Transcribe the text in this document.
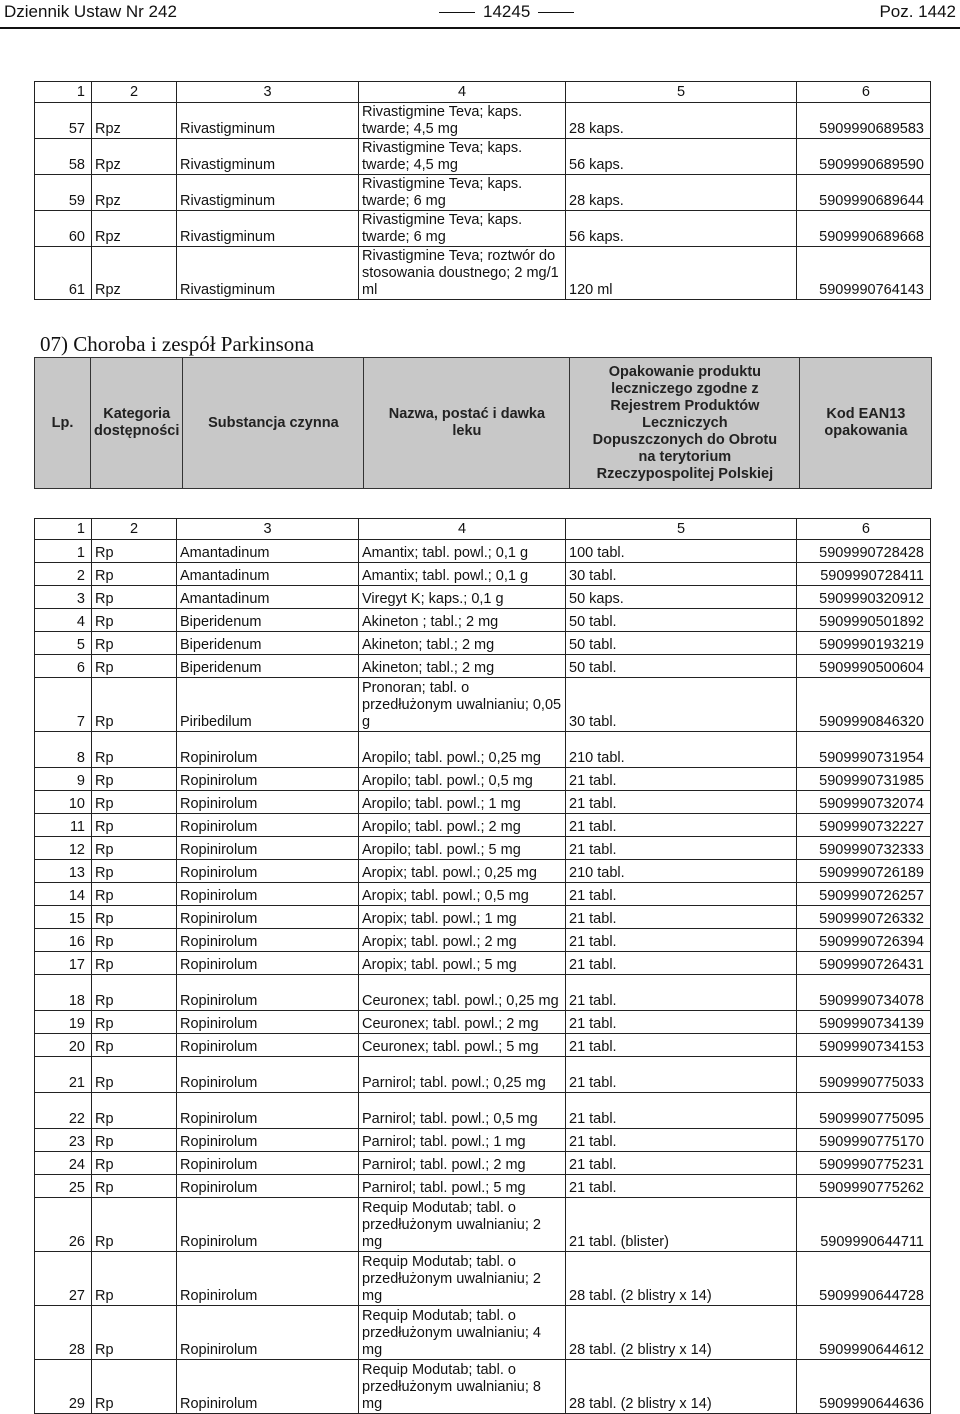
Dziennik Ustaw Nr 242	14245	Poz. 1442
1	2	3	4	5	6
57	Rpz	Rivastigminum	Rivastigmine Teva; kaps. twarde; 4,5 mg	28 kaps.	5909990689583
58	Rpz	Rivastigminum	Rivastigmine Teva; kaps. twarde; 4,5 mg	56 kaps.	5909990689590
59	Rpz	Rivastigminum	Rivastigmine Teva; kaps. twarde; 6 mg	28 kaps.	5909990689644
60	Rpz	Rivastigminum	Rivastigmine Teva; kaps. twarde; 6 mg	56 kaps.	5909990689668
61	Rpz	Rivastigminum	Rivastigmine Teva; roztwór do stosowania doustnego; 2 mg/1 ml	120 ml	5909990764143
07) Choroba i zespół Parkinsona
Lp.	Kategoria dostępności	Substancja czynna	Nazwa, postać i dawka leku	Opakowanie produktu leczniczego zgodne z Rejestrem Produktów Leczniczych Dopuszczonych do Obrotu na terytorium Rzeczypospolitej Polskiej	Kod EAN13 opakowania
1	2	3	4	5	6
1	Rp	Amantadinum	Amantix; tabl. powl.; 0,1 g	100 tabl.	5909990728428
2	Rp	Amantadinum	Amantix; tabl. powl.; 0,1 g	30 tabl.	5909990728411
3	Rp	Amantadinum	Viregyt K; kaps.; 0,1 g	50 kaps.	5909990320912
4	Rp	Biperidenum	Akineton ; tabl.; 2 mg	50 tabl.	5909990501892
5	Rp	Biperidenum	Akineton; tabl.; 2 mg	50 tabl.	5909990193219
6	Rp	Biperidenum	Akineton; tabl.; 2 mg	50 tabl.	5909990500604
7	Rp	Piribedilum	Pronoran; tabl. o przedłużonym uwalnianiu; 0,05 g	30 tabl.	5909990846320
8	Rp	Ropinirolum	Aropilo; tabl. powl.; 0,25 mg	210 tabl.	5909990731954
9	Rp	Ropinirolum	Aropilo; tabl. powl.; 0,5 mg	21 tabl.	5909990731985
10	Rp	Ropinirolum	Aropilo; tabl. powl.; 1 mg	21 tabl.	5909990732074
11	Rp	Ropinirolum	Aropilo; tabl. powl.; 2 mg	21 tabl.	5909990732227
12	Rp	Ropinirolum	Aropilo; tabl. powl.; 5 mg	21 tabl.	5909990732333
13	Rp	Ropinirolum	Aropix; tabl. powl.; 0,25 mg	210 tabl.	5909990726189
14	Rp	Ropinirolum	Aropix; tabl. powl.; 0,5 mg	21 tabl.	5909990726257
15	Rp	Ropinirolum	Aropix; tabl. powl.; 1 mg	21 tabl.	5909990726332
16	Rp	Ropinirolum	Aropix; tabl. powl.; 2 mg	21 tabl.	5909990726394
17	Rp	Ropinirolum	Aropix; tabl. powl.; 5 mg	21 tabl.	5909990726431
18	Rp	Ropinirolum	Ceuronex; tabl. powl.; 0,25 mg	21 tabl.	5909990734078
19	Rp	Ropinirolum	Ceuronex; tabl. powl.; 2 mg	21 tabl.	5909990734139
20	Rp	Ropinirolum	Ceuronex; tabl. powl.; 5 mg	21 tabl.	5909990734153
21	Rp	Ropinirolum	Parnirol; tabl. powl.; 0,25 mg	21 tabl.	5909990775033
22	Rp	Ropinirolum	Parnirol; tabl. powl.; 0,5 mg	21 tabl.	5909990775095
23	Rp	Ropinirolum	Parnirol; tabl. powl.; 1 mg	21 tabl.	5909990775170
24	Rp	Ropinirolum	Parnirol; tabl. powl.; 2 mg	21 tabl.	5909990775231
25	Rp	Ropinirolum	Parnirol; tabl. powl.; 5 mg	21 tabl.	5909990775262
26	Rp	Ropinirolum	Requip Modutab; tabl. o przedłużonym uwalnianiu; 2 mg	21 tabl. (blister)	5909990644711
27	Rp	Ropinirolum	Requip Modutab; tabl. o przedłużonym uwalnianiu; 2 mg	28 tabl. (2 blistry x 14)	5909990644728
28	Rp	Ropinirolum	Requip Modutab; tabl. o przedłużonym uwalnianiu; 4 mg	28 tabl. (2 blistry x 14)	5909990644612
29	Rp	Ropinirolum	Requip Modutab; tabl. o przedłużonym uwalnianiu; 8 mg	28 tabl. (2 blistry x 14)	5909990644636
